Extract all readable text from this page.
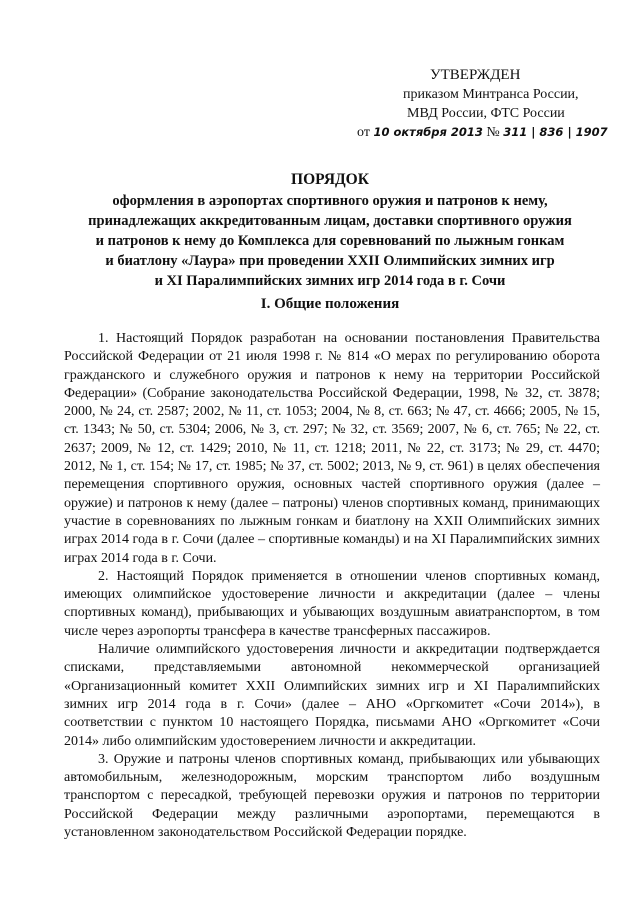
УТВЕРЖДЕН
приказом Минтранса России,
МВД России, ФТС России
от 10 октября 2013 № 311 | 836 | 1907
ПОРЯДОК
оформления в аэропортах спортивного оружия и патронов к нему,
принадлежащих аккредитованным лицам, доставки спортивного оружия
и патронов к нему до Комплекса для соревнований по лыжным гонкам
и биатлону «Лаура» при проведении XXII Олимпийских зимних игр
и XI Паралимпийских зимних игр 2014 года в г. Сочи
I. Общие положения

1. Настоящий Порядок разработан на основании постановления Правительства Российской Федерации от 21 июля 1998 г. № 814 «О мерах по регулированию оборота гражданского и служебного оружия и патронов к нему на территории Российской Федерации» (Собрание законодательства Российской Федерации, 1998, № 32, ст. 3878; 2000, № 24, ст. 2587; 2002, № 11, ст. 1053; 2004, № 8, ст. 663; № 47, ст. 4666; 2005, № 15, ст. 1343; № 50, ст. 5304; 2006, № 3, ст. 297; № 32, ст. 3569; 2007, № 6, ст. 765; № 22, ст. 2637; 2009, № 12, ст. 1429; 2010, № 11, ст. 1218; 2011, № 22, ст. 3173; № 29, ст. 4470; 2012, № 1, ст. 154; № 17, ст. 1985; № 37, ст. 5002; 2013, № 9, ст. 961) в целях обеспечения перемещения спортивного оружия, основных частей спортивного оружия (далее – оружие) и патронов к нему (далее – патроны) членов спортивных команд, принимающих участие в соревнованиях по лыжным гонкам и биатлону на XXII Олимпийских зимних играх 2014 года в г. Сочи (далее – спортивные команды) и на XI Паралимпийских зимних играх 2014 года в г. Сочи.

2. Настоящий Порядок применяется в отношении членов спортивных команд, имеющих олимпийское удостоверение личности и аккредитации (далее – члены спортивных команд), прибывающих и убывающих воздушным авиатранспортом, в том числе через аэропорты трансфера в качестве трансферных пассажиров.

Наличие олимпийского удостоверения личности и аккредитации подтверждается списками, представляемыми автономной некоммерческой организацией «Организационный комитет XXII Олимпийских зимних игр и XI Паралимпийских зимних игр 2014 года в г. Сочи» (далее – АНО «Оргкомитет «Сочи 2014»), в соответствии с пунктом 10 настоящего Порядка, письмами АНО «Оргкомитет «Сочи 2014» либо олимпийским удостоверением личности и аккредитации.

3. Оружие и патроны членов спортивных команд, прибывающих или убывающих автомобильным, железнодорожным, морским транспортом либо воздушным транспортом с пересадкой, требующей перевозки оружия и патронов по территории Российской Федерации между различными аэропортами, перемещаются в установленном законодательством Российской Федерации порядке.
